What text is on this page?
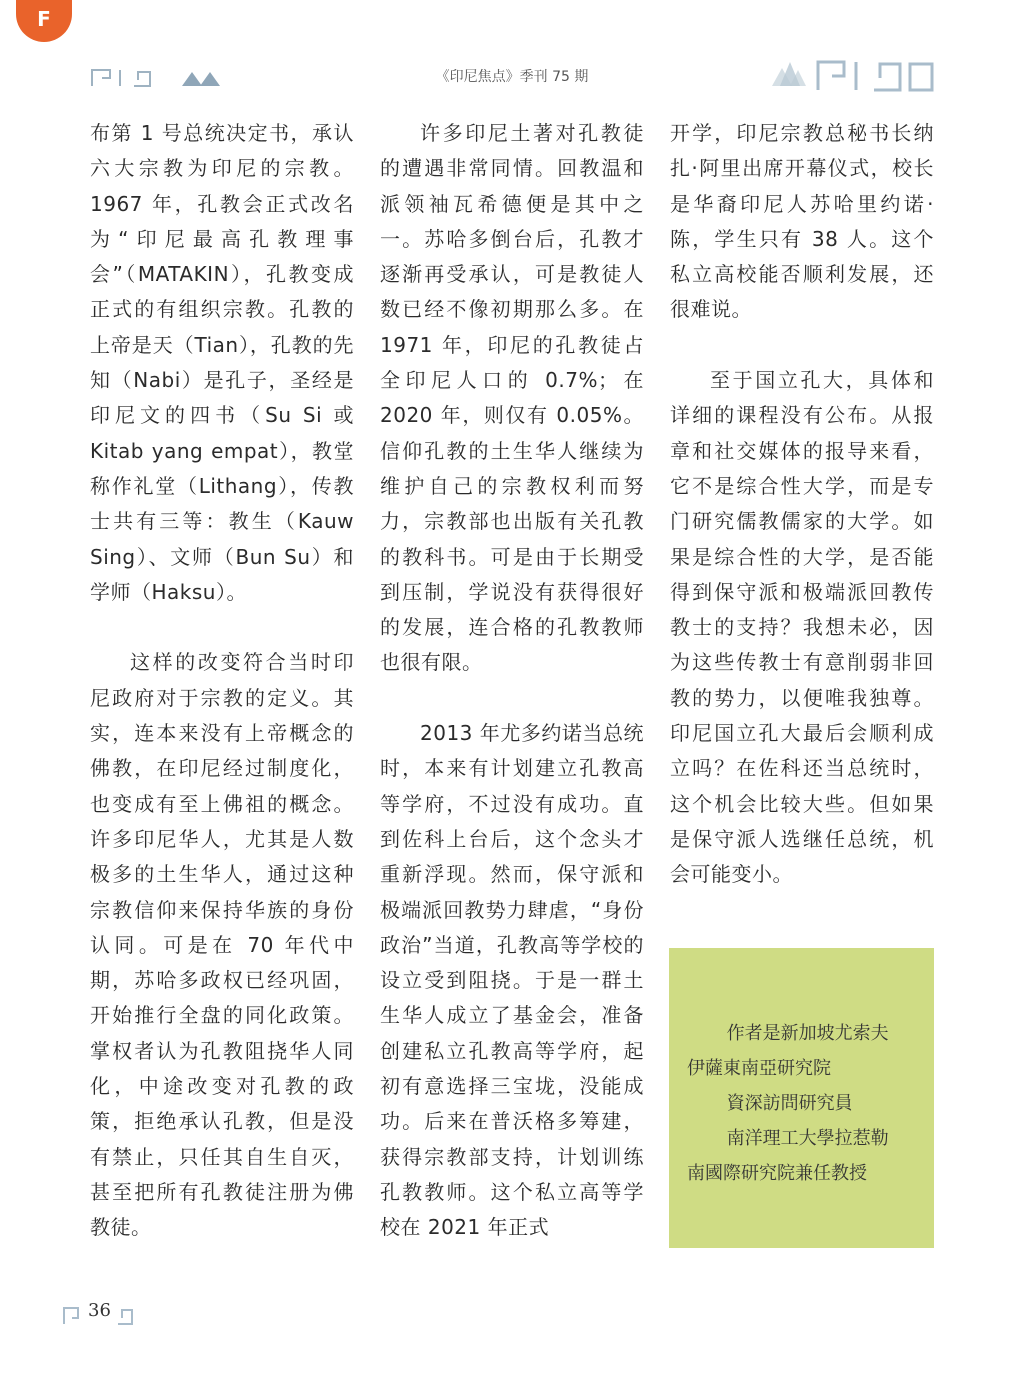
F
《印尼焦点》季刊 75 期

布第 1 号总统决定书，承认六大宗教为印尼的宗教。1967 年，孔教会正式改名为“印尼最高孔教理事会”（MATAKIN），孔教变成正式的有组织宗教。孔教的上帝是天（Tian），孔教的先知（Nabi）是孔子，圣经是印尼文的四书（Su Si 或 Kitab yang empat），教堂称作礼堂（Lithang），传教士共有三等：教生（Kauw Sing）、文师（Bun Su）和学师（Haksu）。

这样的改变符合当时印尼政府对于宗教的定义。其实，连本来没有上帝概念的佛教，在印尼经过制度化，也变成有至上佛祖的概念。许多印尼华人，尤其是人数极多的土生华人，通过这种宗教信仰来保持华族的身份认同。可是在 70 年代中期，苏哈多政权已经巩固，开始推行全盘的同化政策。掌权者认为孔教阻挠华人同化，中途改变对孔教的政策，拒绝承认孔教，但是没有禁止，只任其自生自灭，甚至把所有孔教徒注册为佛教徒。

许多印尼土著对孔教徒的遭遇非常同情。回教温和派领袖瓦希德便是其中之一。苏哈多倒台后，孔教才逐渐再受承认，可是教徒人数已经不像初期那么多。在 1971 年，印尼的孔教徒占全印尼人口的 0.7%；在 2020 年，则仅有 0.05%。信仰孔教的土生华人继续为维护自己的宗教权利而努力，宗教部也出版有关孔教的教科书。可是由于长期受到压制，学说没有获得很好的发展，连合格的孔教教师也很有限。

2013 年尤多约诺当总统时，本来有计划建立孔教高等学府，不过没有成功。直到佐科上台后，这个念头才重新浮现。然而，保守派和极端派回教势力肆虐，“身份政治”当道，孔教高等学校的设立受到阻挠。于是一群土生华人成立了基金会，准备创建私立孔教高等学府，起初有意选择三宝垅，没能成功。后来在普沃格多筹建，获得宗教部支持，计划训练孔教教师。这个私立高等学校在 2021 年正式

开学，印尼宗教总秘书长纳扎·阿里出席开幕仪式，校长是华裔印尼人苏哈里约诺·陈，学生只有 38 人。这个私立高校能否顺利发展，还很难说。

至于国立孔大，具体和详细的课程没有公布。从报章和社交媒体的报导来看，它不是综合性大学，而是专门研究儒教儒家的大学。如果是综合性的大学，是否能得到保守派和极端派回教传教士的支持？我想未必，因为这些传教士有意削弱非回教的势力，以便唯我独尊。印尼国立孔大最后会顺利成立吗？在佐科还当总统时，这个机会比较大些。但如果是保守派人选继任总统，机会可能变小。

作者是新加坡尤索夫
伊薩東南亞研究院
資深訪問研究員
南洋理工大學拉惹勒
南國際研究院兼任教授
36
